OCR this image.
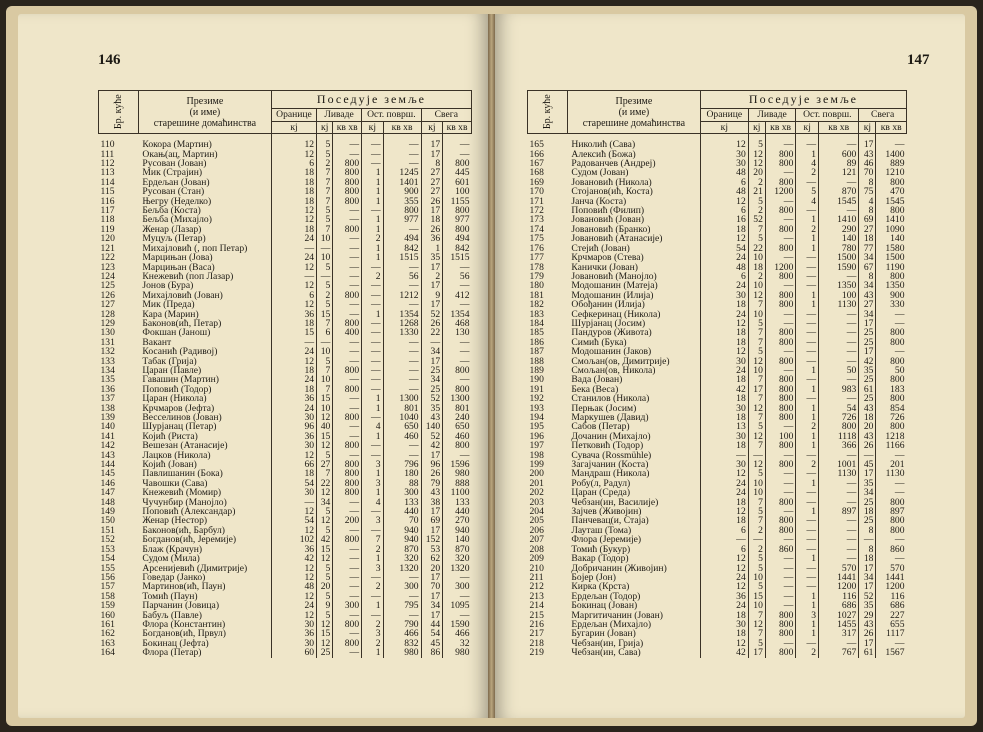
146
Бр. куће	Презиме
(и име)
старешине домаћинства	Поседује земље						
		Оранице	Ливаде		Ост. површ.		Свега	
		кј	кј	кв хв	кј	кв хв	кј	кв хв
110	Кокора (Мартин)	12	5	—	—	—	17	—
111	Окањ(ац, Мартин)	12	5	—	—	—	17	—
112	Русован (Јован)	6	2	800	—	—	8	800
113	Мик (Стрaјин)	18	7	800	1	1245	27	445
114	Ердељан (Јован)	18	7	800	1	1401	27	601
115	Русован (Стан)	18	7	800	1	900	27	100
116	Његру (Неделко)	18	7	800	1	355	26	1155
117	Бељба (Коста)	12	5	—	—	800	17	800
118	Бељба (Михајло)	12	5	—	1	977	18	977
119	Женар (Лазар)	18	7	800	1	—	26	800
120	Муцуљ (Петар)	24	10	—	2	494	36	494
121	Михајловић (, поп Петар)	—	—	—	1	842	1	842
122	Марцињан (Јова)	24	10	—	1	1515	35	1515
123	Марцињан (Васа)	12	5	—	—	—	17	—
124	Кнежевић (поп Лазар)	—	—	—	2	56	2	56
125	Јонов (Бура)	12	5	—	—	—	17	—
126	Михајловић (Јован)	6	2	800	—	1212	9	412
127	Мик (Преда)	12	5	—	—	—	17	—
128	Кара (Марин)	36	15	—	1	1354	52	1354
129	Баконов(ић, Петар)	18	7	800	—	1268	26	468
130	Фокшан (Јанош)	15	6	400	—	1330	22	130
131	Вакант	—	—	—	—	—	—	—
132	Косанић (Радивој)	24	10	—	—	—	34	—
133	Табак (Грија)	12	5	—	—	—	17	—
134	Царан (Павле)	18	7	800	—	—	25	800
135	Гавашин (Мартин)	24	10	—	—	—	34	—
136	Поповић (Тодор)	18	7	800	—	—	25	800
137	Царан (Никола)	36	15	—	1	1300	52	1300
138	Крчмаров (Јефта)	24	10	—	1	801	35	801
139	Весселинов (Јован)	30	12	800	—	1040	43	240
140	Шурјанац (Петар)	96	40	—	4	650	140	650
141	Којић (Риста)	36	15	—	1	460	52	460
142	Вешезан (Атанасије)	30	12	800	—	—	42	800
143	Лацков (Никола)	12	5	—	—	—	17	—
144	Којић (Јован)	66	27	800	3	796	96	1596
145	Павлишанин (Бока)	18	7	800	1	180	26	980
146	Чавошки (Сава)	54	22	800	3	88	79	888
147	Кнежевић (Момир)	30	12	800	1	300	43	1100
148	Чучунбир (Манојло)	—	34	—	4	133	38	133
149	Поповић (Александар)	12	5	—	—	440	17	440
150	Женар (Нестор)	54	12	200	3	70	69	270
151	Баконов(ић, Барбул)	12	5	—	—	940	17	940
152	Богданов(ић, Јеремије)	102	42	800	7	940	152	140
153	Блаж (Крачун)	36	15	—	2	870	53	870
154	Судом (Мила)	42	12	—	1	320	62	320
155	Арсенијевић (Димитрије)	12	5	—	3	1320	20	1320
156	Говедар (Јанко)	12	5	—	—	—	17	—
157	Мартинов(ић, Паун)	48	20	—	2	300	70	300
158	Томић (Паун)	12	5	—	—	—	17	—
159	Парчанин (Јовица)	24	9	300	1	795	34	1095
160	Бабуљ (Павле)	12	5	—	—	—	17	—
161	Флора (Константин)	30	12	800	2	790	44	1590
162	Богданов(ић, Првул)	36	15	—	3	466	54	466
163	Бокинац (Јефта)	30	12	800	2	832	45	32
164	Флора (Петар)	60	25	—	1	980	86	980
147
Бр. куће	Презиме
(и име)
старешине домаћинства	Поседује земље						
		Оранице	Ливаде		Ост. површ.		Свега	
		кј	кј	кв хв	кј	кв хв	кј	кв хв
165	Николић (Сава)	12	5	—	—	—	17	—
166	Алексић (Божа)	30	12	800	1	600	43	1400
167	Радованчев (Андреј)	30	12	800	4	89	46	889
168	Судом (Јован)	48	20	—	2	121	70	1210
169	Јовановић (Никола)	6	2	800	—	—	8	800
170	Стојанов(ић, Коста)	48	21	1200	5	870	75	470
171	Јанча (Коста)	12	5	—	4	1545	4	1545
172	Поповић (Филип)	6	2	800	—	—	8	800
173	Јовановић (Јован)	16	52	—	1	1410	69	1410
174	Јовановић (Бранко)	18	7	800	2	290	27	1090
175	Јовановић (Атанасије)	12	5	—	1	140	18	140
176	Стејић (Јован)	54	22	800	1	780	77	1580
177	Крчмаров (Стева)	24	10	—	—	1500	34	1500
178	Канички (Јован)	48	18	1200	—	1590	67	1190
179	Јовановић (Манојло)	6	2	800	—	—	8	800
180	Модошанин (Матеја)	24	10	—	—	1350	34	1350
181	Модошанин (Илија)	30	12	800	1	100	43	900
182	Обођанин (Илија)	18	7	800	1	1130	27	330
183	Сефкеринац (Никола)	24	10	—	—	—	34	—
184	Шурјанац (Јосим)	12	5	—	—	—	17	—
185	Пандуров (Живота)	18	7	800	—	—	25	800
186	Симић (Бука)	18	7	800	—	—	25	800
187	Модошанин (Јаков)	12	5	—	—	—	17	—
188	Смољан(ов, Димитрије)	30	12	800	—	—	42	800
189	Смољан(ов, Никола)	24	10	—	1	50	35	50
190	Вада (Јован)	18	7	800	—	—	25	800
191	Бека (Веса)	42	17	800	1	983	61	183
192	Станилов (Никола)	18	7	800	—	—	25	800
193	Перњак (Јосим)	30	12	800	1	54	43	854
194	Маркушев (Давид)	18	7	800	1	726	18	726
195	Сабов (Петар)	13	5	—	2	800	20	800
196	Дочанин (Михајло)	30	12	100	1	1118	43	1218
197	Петковић (Тодор)	18	7	800	1	366	26	1166
198	Сувача (Rossmühle)	—	—	—	—	—	—	—
199	Загајчанин (Коста)	30	12	800	2	1001	45	201
200	Мандраш (Никола)	12	5	—	—	1130	17	1130
201	Робу(л, Радул)	24	10	—	1	—	35	—
202	Царан (Среда)	24	10	—	—	—	34	—
203	Чебзан(ин, Василије)	18	7	800	—	—	25	800
204	Зајчев (Живојин)	12	5	—	1	897	18	897
205	Панчевац(и, Стаја)	18	7	800	—	—	25	800
206	Лауташ (Тома)	6	2	800	—	—	8	800
207	Флора (Јеремије)	—	—	—	—	—	—	—
208	Томић (Букур)	6	2	860	—	—	8	860
209	Вакар (Тодор)	12	5	—	1	—	18	—
210	Добричанин (Живојин)	12	5	—	—	570	17	570
211	Бојер (Јон)	24	10	—	—	1441	34	1441
212	Кирка (Крста)	12	5	—	—	1200	17	1200
213	Ердељан (Тодор)	36	15	—	1	116	52	116
214	Бокинац (Јован)	24	10	—	1	686	35	686
215	Маргитичанин (Јован)	18	7	800	3	1027	29	227
216	Ердељан (Михајло)	30	12	800	1	1455	43	655
217	Бугарин (Јован)	18	7	800	1	317	26	1117
218	Чебзан(ин, Грија)	12	5	—	—	—	17	—
219	Чебзан(ин, Сава)	42	17	800	2	767	61	1567
